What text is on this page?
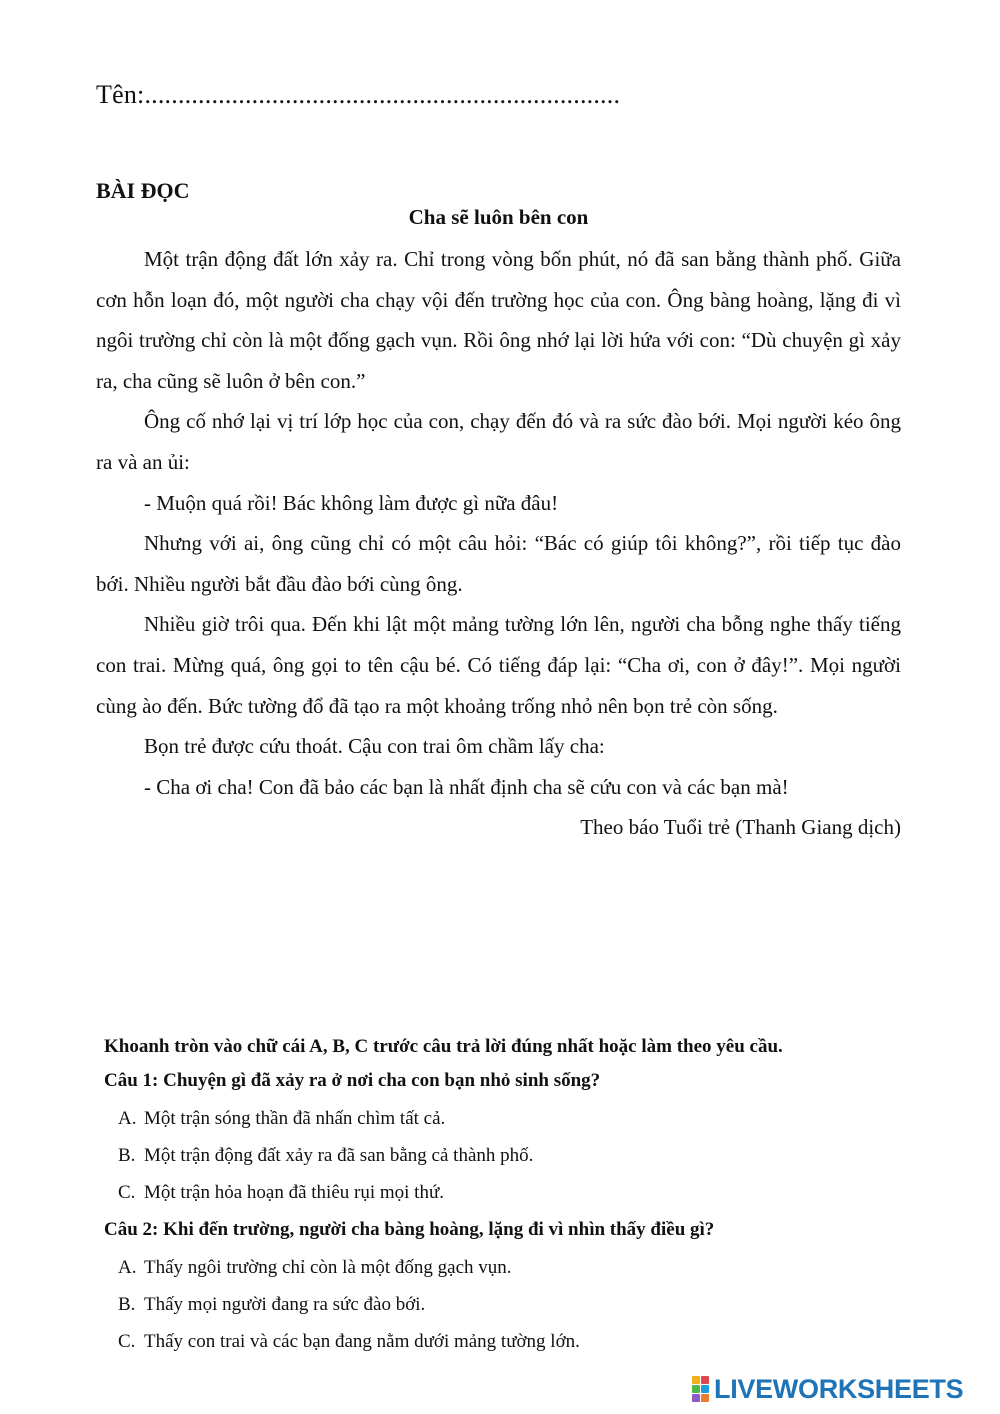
Tên:.......................................................................
BÀI ĐỌC
Cha sẽ luôn bên con

Một trận động đất lớn xảy ra. Chỉ trong vòng bốn phút, nó đã san bằng thành phố. Giữa cơn hỗn loạn đó, một người cha chạy vội đến trường học của con. Ông bàng hoàng, lặng đi vì ngôi trường chỉ còn là một đống gạch vụn. Rồi ông nhớ lại lời hứa với con: “Dù chuyện gì xảy ra, cha cũng sẽ luôn ở bên con.”

Ông cố nhớ lại vị trí lớp học của con, chạy đến đó và ra sức đào bới. Mọi người kéo ông ra và an ủi:

- Muộn quá rồi! Bác không làm được gì nữa đâu!

Nhưng với ai, ông cũng chỉ có một câu hỏi: “Bác có giúp tôi không?”, rồi tiếp tục đào bới. Nhiều người bắt đầu đào bới cùng ông.

Nhiều giờ trôi qua. Đến khi lật một mảng tường lớn lên, người cha bỗng nghe thấy tiếng con trai. Mừng quá, ông gọi to tên cậu bé. Có tiếng đáp lại: “Cha ơi, con ở đây!”. Mọi người cùng ào đến. Bức tường đổ đã tạo ra một khoảng trống nhỏ nên bọn trẻ còn sống.

Bọn trẻ được cứu thoát. Cậu con trai ôm chầm lấy cha:

- Cha ơi cha! Con đã bảo các bạn là nhất định cha sẽ cứu con và các bạn mà!

Theo báo Tuổi trẻ (Thanh Giang dịch)

Khoanh tròn vào chữ cái A, B, C trước câu trả lời đúng nhất hoặc làm theo yêu cầu.
Câu 1: Chuyện gì đã xảy ra ở nơi cha con bạn nhỏ sinh sống?
A. Một trận sóng thần đã nhấn chìm tất cả.
B. Một trận động đất xảy ra đã san bằng cả thành phố.
C. Một trận hỏa hoạn đã thiêu rụi mọi thứ.
Câu 2: Khi đến trường, người cha bàng hoàng, lặng đi vì nhìn thấy điều gì?
A. Thấy ngôi trường chỉ còn là một đống gạch vụn.
B. Thấy mọi người đang ra sức đào bới.
C. Thấy con trai và các bạn đang nằm dưới mảng tường lớn.
LIVEWORKSHEETS
